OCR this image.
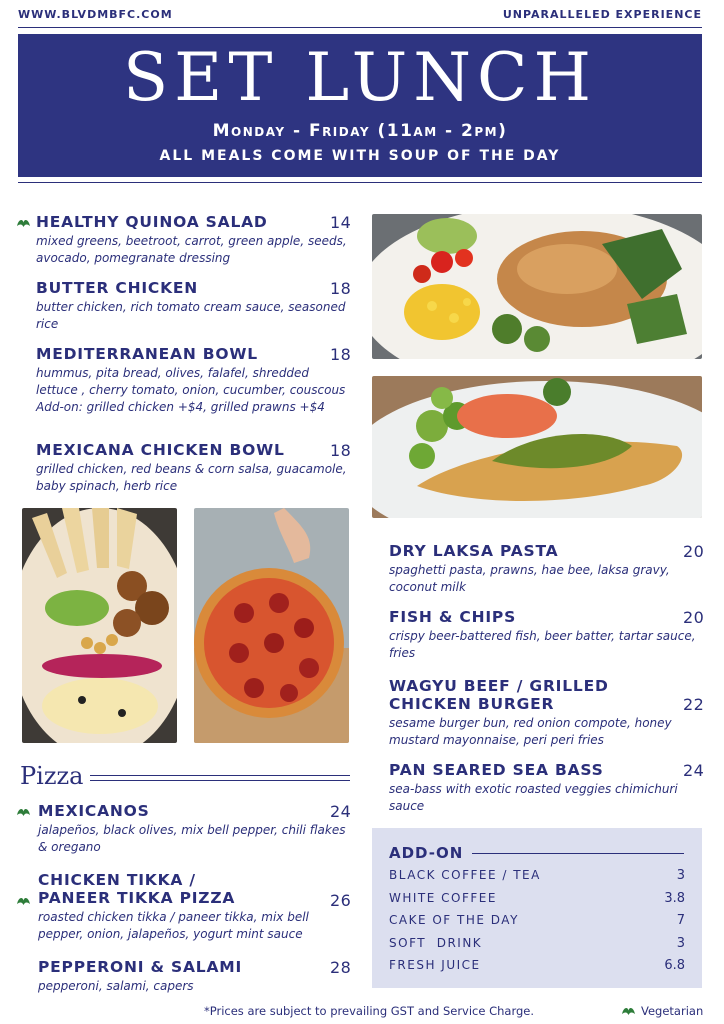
WWW.BLVDMBFC.COM	UNPARALLELED EXPERIENCE
SET LUNCH
Monday - Friday (11am - 2pm)
ALL MEALS COME WITH SOUP OF THE DAY
HEALTHY QUINOA SALAD	14
mixed greens, beetroot, carrot, green apple, seeds, avocado, pomegranate dressing
BUTTER CHICKEN	18
butter chicken, rich tomato cream sauce, seasoned rice
MEDITERRANEAN BOWL	18
hummus, pita bread, olives, falafel, shredded lettuce , cherry tomato, onion, cucumber, couscous
Add-on: grilled chicken +$4, grilled prawns +$4
MEXICANA CHICKEN BOWL	18
grilled chicken, red beans & corn salsa, guacamole, baby spinach, herb rice
DRY LAKSA PASTA	20
spaghetti pasta, prawns, hae bee, laksa gravy, coconut milk
FISH & CHIPS	20
crispy beer-battered fish, beer batter, tartar sauce, fries
WAGYU BEEF / GRILLED
CHICKEN BURGER	22
sesame burger bun, red onion compote, honey mustard mayonnaise, peri peri fries
PAN SEARED SEA BASS	24
sea-bass with exotic roasted veggies chimichuri sauce
Pizza
MEXICANOS	24
jalapeños, black olives, mix bell pepper, chili flakes & oregano
CHICKEN TIKKA /
PANEER TIKKA PIZZA	26
roasted chicken tikka / paneer tikka, mix bell pepper, onion, jalapeños, yogurt mint sauce
PEPPERONI & SALAMI	28
pepperoni, salami, capers
ADD-ON
BLACK COFFEE / TEA	3
WHITE COFFEE	3.8
CAKE OF THE DAY	7
SOFT  DRINK	3
FRESH JUICE	6.8
*Prices are subject to prevailing GST and Service Charge.	Vegetarian
